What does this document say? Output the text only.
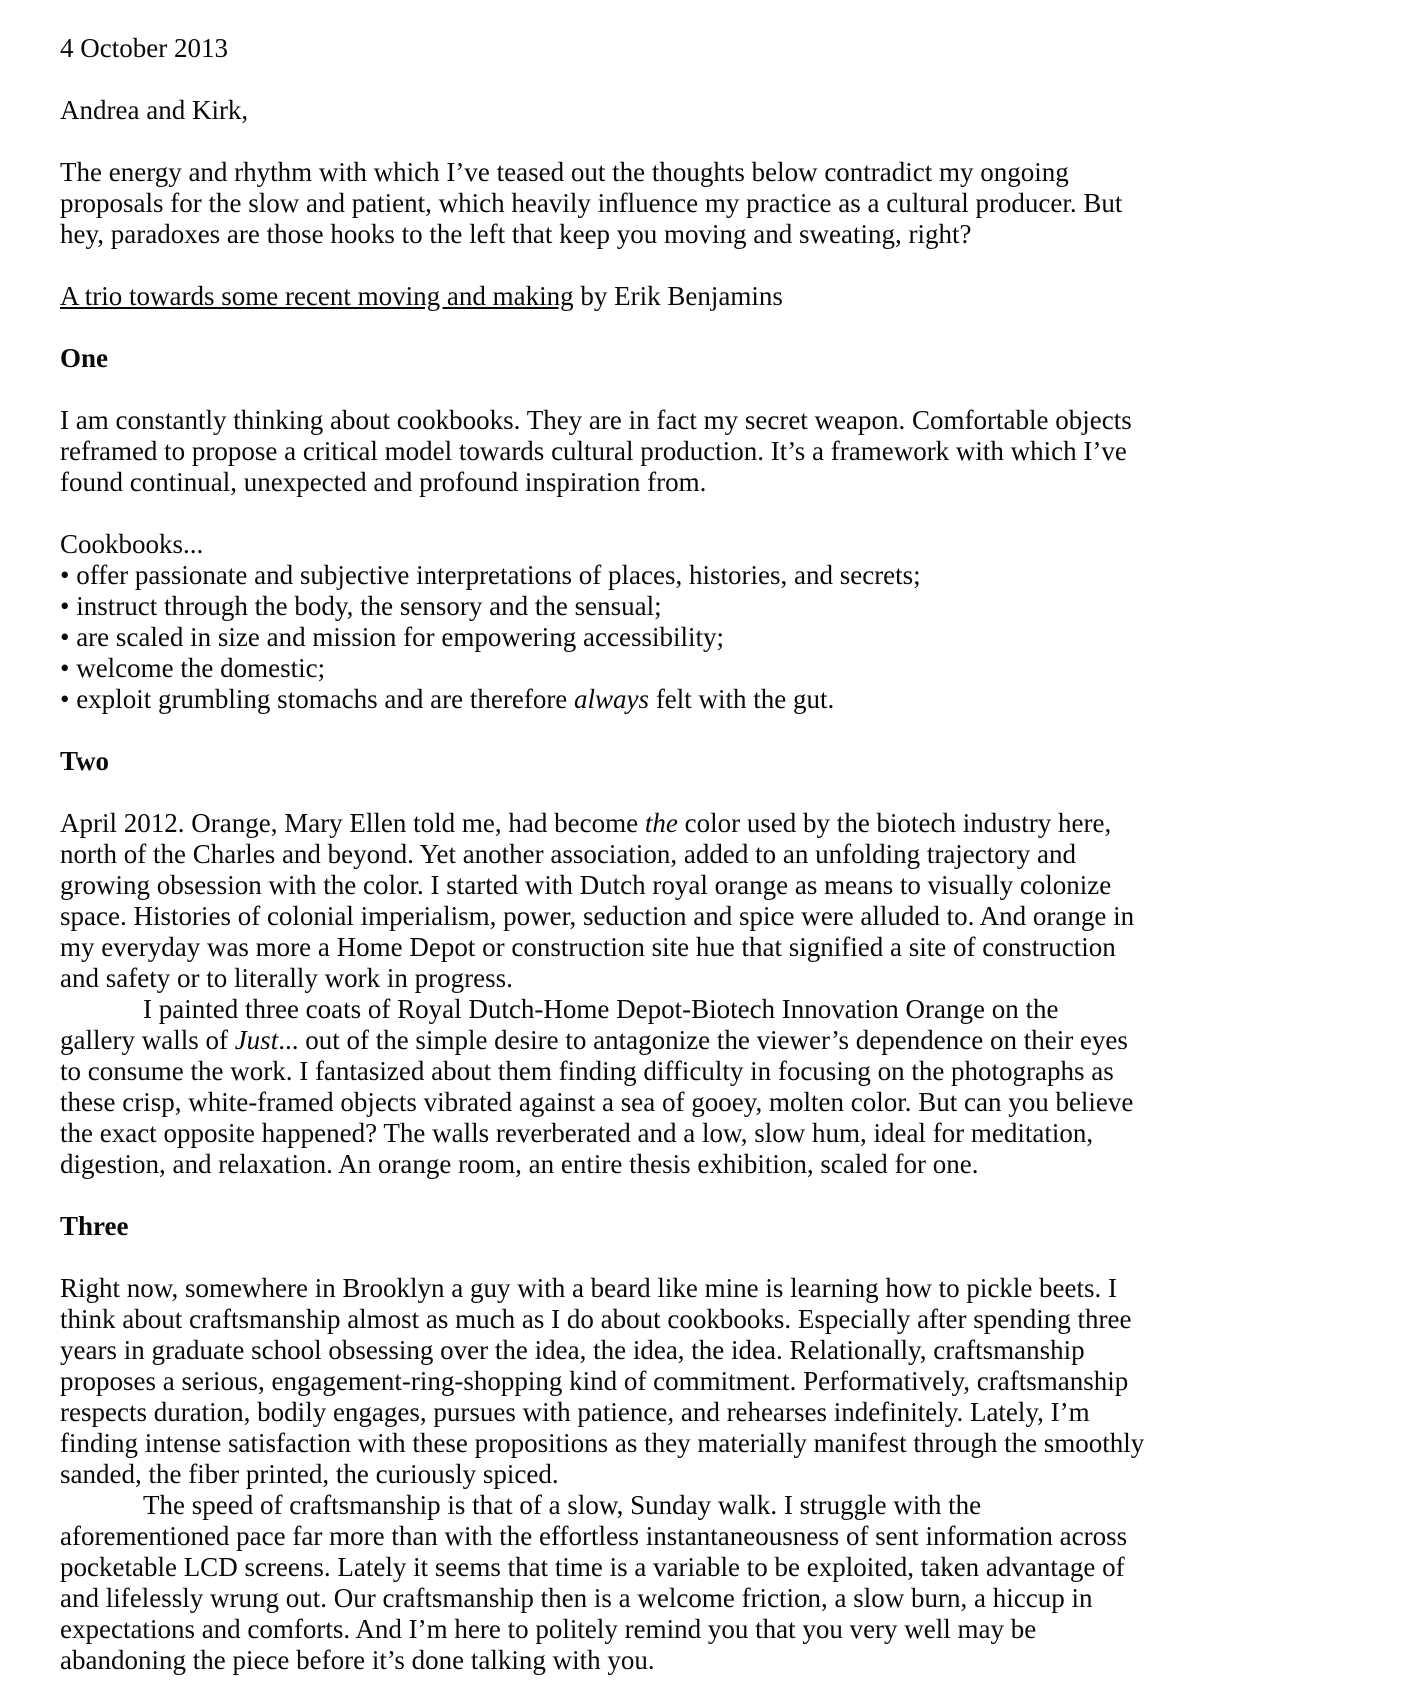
4 October 2013
Andrea and Kirk,
The energy and rhythm with which I’ve teased out the thoughts below contradict my ongoing
proposals for the slow and patient, which heavily influence my practice as a cultural producer. But
hey, paradoxes are those hooks to the left that keep you moving and sweating, right?
A trio towards some recent moving and making by Erik Benjamins
One
I am constantly thinking about cookbooks. They are in fact my secret weapon. Comfortable objects
reframed to propose a critical model towards cultural production. It’s a framework with which I’ve
found continual, unexpected and profound inspiration from.
Cookbooks...
• offer passionate and subjective interpretations of places, histories, and secrets;
• instruct through the body, the sensory and the sensual;
• are scaled in size and mission for empowering accessibility;
• welcome the domestic;
• exploit grumbling stomachs and are therefore always felt with the gut.
Two
April 2012. Orange, Mary Ellen told me, had become the color used by the biotech industry here,
north of the Charles and beyond. Yet another association, added to an unfolding trajectory and
growing obsession with the color. I started with Dutch royal orange as means to visually colonize
space. Histories of colonial imperialism, power, seduction and spice were alluded to. And orange in
my everyday was more a Home Depot or construction site hue that signified a site of construction
and safety or to literally work in progress.
I painted three coats of Royal Dutch-Home Depot-Biotech Innovation Orange on the
gallery walls of Just... out of the simple desire to antagonize the viewer’s dependence on their eyes
to consume the work. I fantasized about them finding difficulty in focusing on the photographs as
these crisp, white-framed objects vibrated against a sea of gooey, molten color. But can you believe
the exact opposite happened? The walls reverberated and a low, slow hum, ideal for meditation,
digestion, and relaxation. An orange room, an entire thesis exhibition, scaled for one.
Three
Right now, somewhere in Brooklyn a guy with a beard like mine is learning how to pickle beets. I
think about craftsmanship almost as much as I do about cookbooks. Especially after spending three
years in graduate school obsessing over the idea, the idea, the idea. Relationally, craftsmanship
proposes a serious, engagement-ring-shopping kind of commitment. Performatively, craftsmanship
respects duration, bodily engages, pursues with patience, and rehearses indefinitely. Lately, I’m
finding intense satisfaction with these propositions as they materially manifest through the smoothly
sanded, the fiber printed, the curiously spiced.
The speed of craftsmanship is that of a slow, Sunday walk. I struggle with the
aforementioned pace far more than with the effortless instantaneousness of sent information across
pocketable LCD screens. Lately it seems that time is a variable to be exploited, taken advantage of
and lifelessly wrung out. Our craftsmanship then is a welcome friction, a slow burn, a hiccup in
expectations and comforts. And I’m here to politely remind you that you very well may be
abandoning the piece before it’s done talking with you.
